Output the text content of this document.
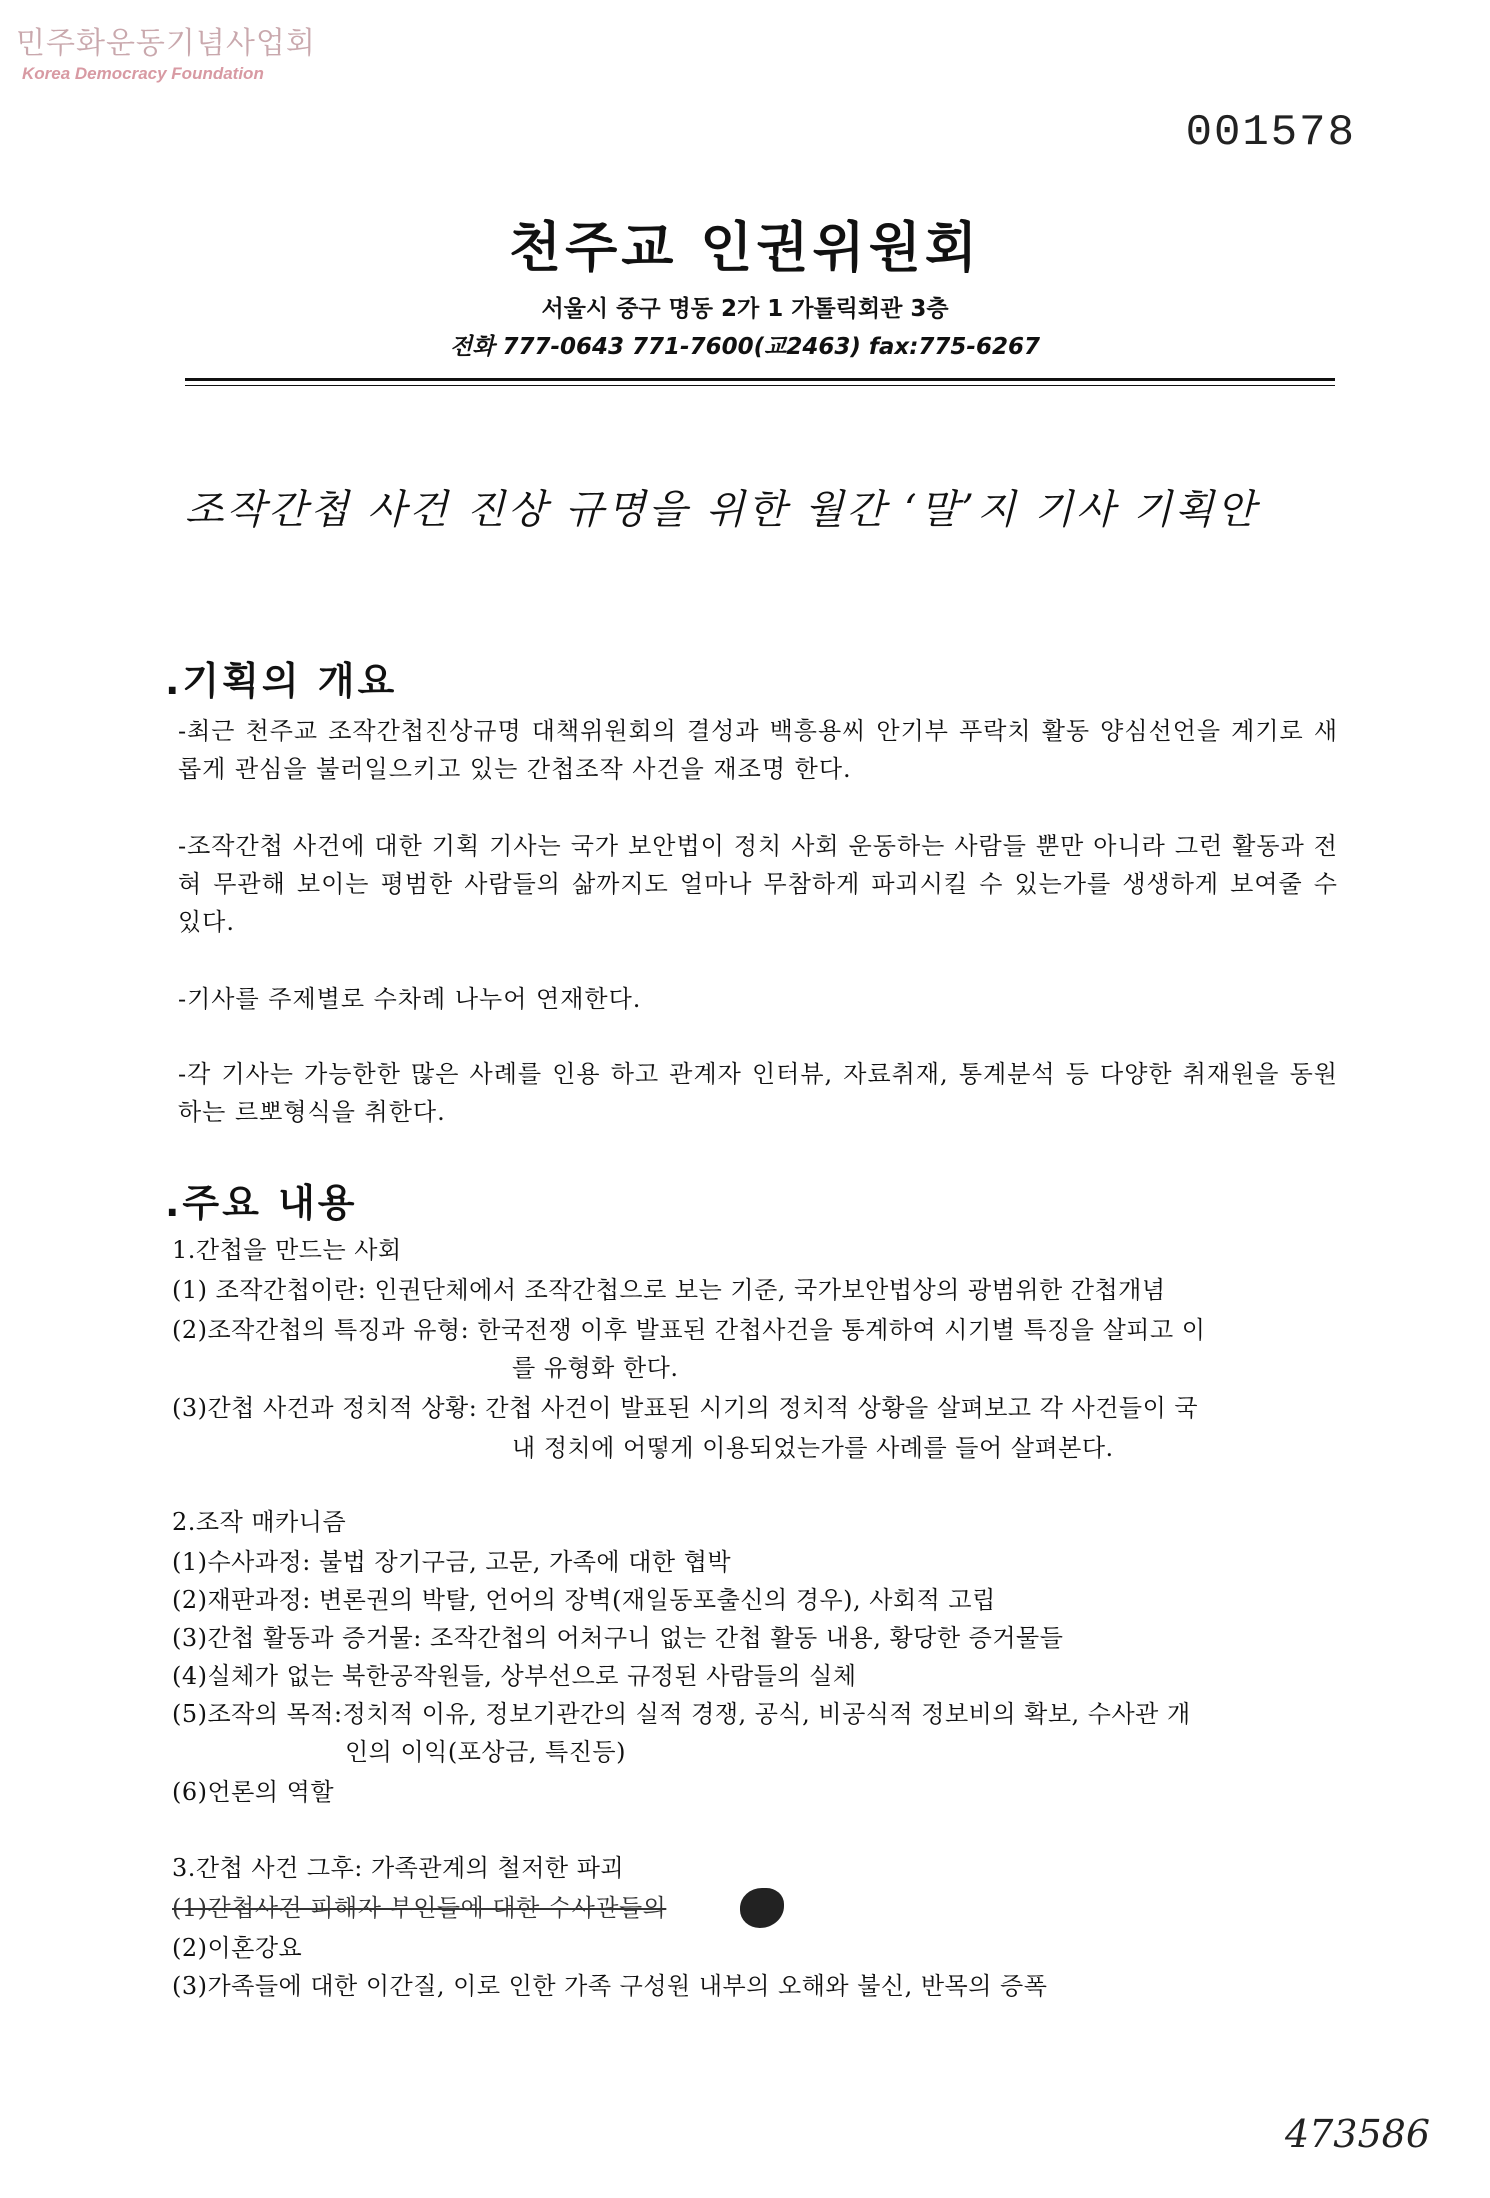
민주화운동기념사업회
Korea Democracy Foundation
001578
천주교 인권위원회
서울시 중구 명동 2가 1 가톨릭회관 3층
전화 777-0643 771-7600(교2463) fax:775-6267
조작간첩 사건 진상 규명을 위한 월간 ‘말’지 기사 기획안
.기획의 개요
-최근 천주교 조작간첩진상규명 대책위원회의 결성과 백흥용씨 안기부 푸락치 활동 양심선언을 계기로 새롭게 관심을 불러일으키고 있는 간첩조작 사건을 재조명 한다.
-조작간첩 사건에 대한 기획 기사는 국가 보안법이 정치 사회 운동하는 사람들 뿐만 아니라 그런 활동과 전혀 무관해 보이는 평범한 사람들의 삶까지도 얼마나 무참하게 파괴시킬 수 있는가를 생생하게 보여줄 수 있다.
-기사를 주제별로 수차례 나누어 연재한다.
-각 기사는 가능한한 많은 사례를 인용 하고 관계자 인터뷰, 자료취재, 통계분석 등 다양한 취재원을 동원하는 르뽀형식을 취한다.
.주요 내용
1.간첩을 만드는 사회
(1) 조작간첩이란: 인권단체에서 조작간첩으로 보는 기준, 국가보안법상의 광범위한 간첩개념
(2)조작간첩의 특징과 유형: 한국전쟁 이후 발표된 간첩사건을 통계하여 시기별 특징을 살피고 이
를 유형화 한다.
(3)간첩 사건과 정치적 상황: 간첩 사건이 발표된 시기의 정치적 상황을 살펴보고 각 사건들이 국
내 정치에 어떻게 이용되었는가를 사례를 들어 살펴본다.
2.조작 매카니즘
(1)수사과정: 불법 장기구금, 고문, 가족에 대한 협박
(2)재판과정: 변론권의 박탈, 언어의 장벽(재일동포출신의 경우), 사회적 고립
(3)간첩 활동과 증거물: 조작간첩의 어처구니 없는 간첩 활동 내용, 황당한 증거물들
(4)실체가 없는 북한공작원들, 상부선으로 규정된 사람들의 실체
(5)조작의 목적:정치적 이유, 정보기관간의 실적 경쟁, 공식, 비공식적 정보비의 확보, 수사관 개
인의 이익(포상금, 특진등)
(6)언론의 역할
3.간첩 사건 그후: 가족관계의 철저한 파괴
(1)간첩사건 피해자 부인들에 대한 수사관들의
(2)이혼강요
(3)가족들에 대한 이간질, 이로 인한 가족 구성원 내부의 오해와 불신, 반목의 증폭
473586
